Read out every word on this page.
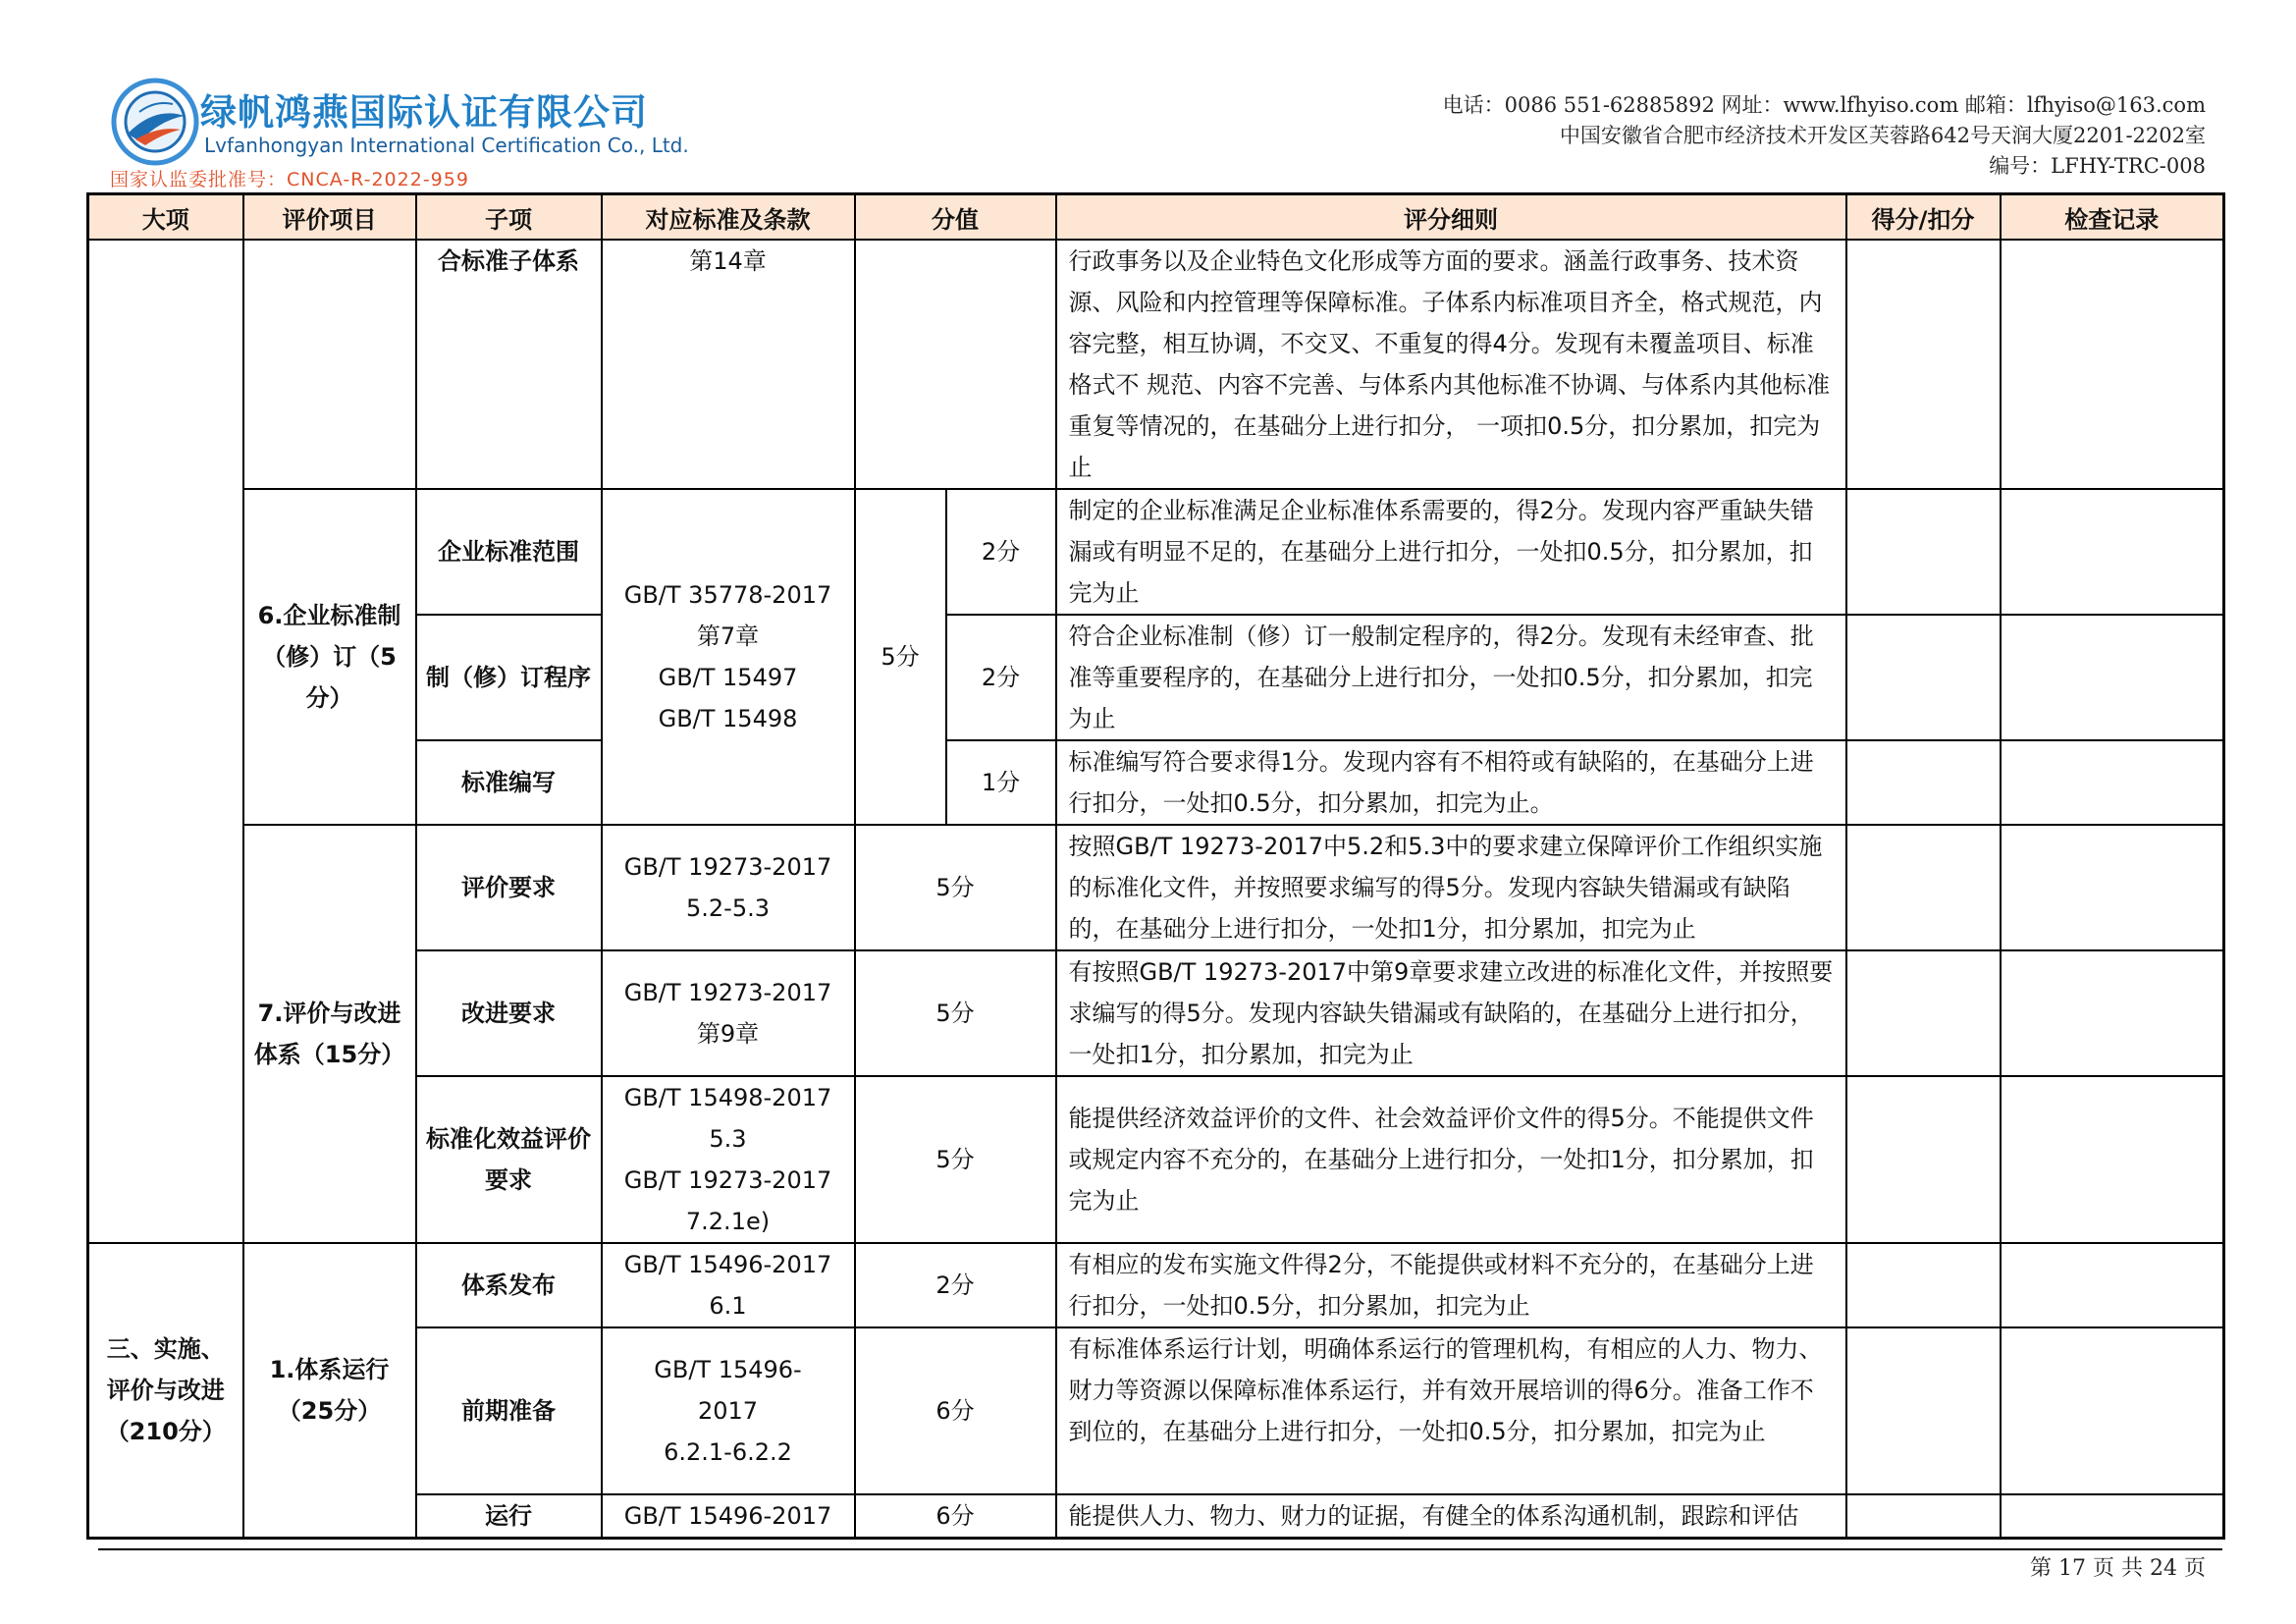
绿帆鸿燕国际认证有限公司
Lvfanhongyan International Certification Co., Ltd.
国家认监委批准号：CNCA-R-2022-959
电话：0086 551-62885892 网址：www.lfhyiso.com 邮箱：lfhyiso@163.com
中国安徽省合肥市经济技术开发区芙蓉路642号天润大厦2201-2202室
编号：LFHY-TRC-008
大项	评价项目	子项	对应标准及条款	分值		评分细则	得分/扣分	检查记录
		合标准子体系	第14章			行政事务以及企业特色文化形成等方面的要求。涵盖行政事务、技术资源、风险和内控管理等保障标准。子体系内标准项目齐全，格式规范，内容完整，相互协调，不交叉、不重复的得4分。发现有未覆盖项目、标准格式不 规范、内容不完善、与体系内其他标准不协调、与体系内其他标准重复等情况的，在基础分上进行扣分， 一项扣0.5分，扣分累加，扣完为止		
	6.企业标准制（修）订（5分）	企业标准范围	GB/T 35778-2017
第7章
GB/T 15497
GB/T 15498	5分	2分	制定的企业标准满足企业标准体系需要的，得2分。发现内容严重缺失错漏或有明显不足的，在基础分上进行扣分，一处扣0.5分，扣分累加，扣完为止		
		制（修）订程序			2分	符合企业标准制（修）订一般制定程序的，得2分。发现有未经审查、批准等重要程序的，在基础分上进行扣分，一处扣0.5分，扣分累加，扣完为止		
		标准编写			1分	标准编写符合要求得1分。发现内容有不相符或有缺陷的，在基础分上进行扣分，一处扣0.5分，扣分累加，扣完为止。		
	7.评价与改进体系（15分）	评价要求	GB/T 19273-2017
5.2-5.3	5分		按照GB/T 19273-2017中5.2和5.3中的要求建立保障评价工作组织实施的标准化文件，并按照要求编写的得5分。发现内容缺失错漏或有缺陷的，在基础分上进行扣分，一处扣1分，扣分累加，扣完为止		
		改进要求	GB/T 19273-2017
第9章	5分		有按照GB/T 19273-2017中第9章要求建立改进的标准化文件，并按照要求编写的得5分。发现内容缺失错漏或有缺陷的，在基础分上进行扣分，一处扣1分，扣分累加，扣完为止		
		标准化效益评价要求	GB/T 15498-2017
5.3
GB/T 19273-2017
7.2.1e)	5分		能提供经济效益评价的文件、社会效益评价文件的得5分。不能提供文件或规定内容不充分的，在基础分上进行扣分，一处扣1分，扣分累加，扣完为止		
三、实施、评价与改进（210分）	1.体系运行（25分）	体系发布	GB/T 15496-2017
6.1	2分		有相应的发布实施文件得2分，不能提供或材料不充分的，在基础分上进行扣分，一处扣0.5分，扣分累加，扣完为止		
		前期准备	GB/T 15496-
2017
6.2.1-6.2.2	6分		有标准体系运行计划，明确体系运行的管理机构，有相应的人力、物力、财力等资源以保障标准体系运行，并有效开展培训的得6分。准备工作不到位的，在基础分上进行扣分，一处扣0.5分，扣分累加，扣完为止		
		运行	GB/T 15496-2017	6分		能提供人力、物力、财力的证据，有健全的体系沟通机制，跟踪和评估		
第 17 页 共 24 页
